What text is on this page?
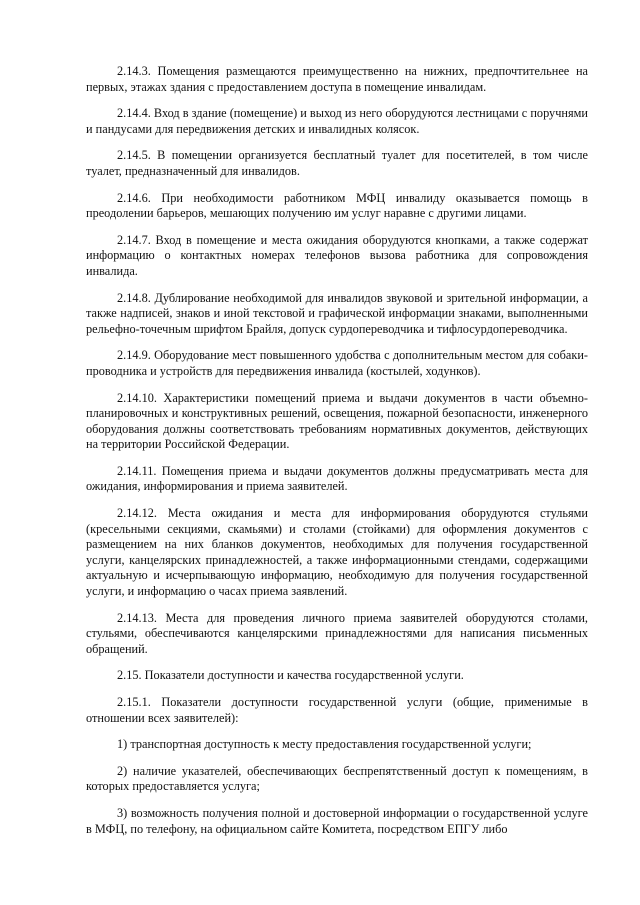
2.14.3. Помещения размещаются преимущественно на нижних, предпочтительнее на первых, этажах здания с предоставлением доступа в помещение инвалидам.

2.14.4. Вход в здание (помещение) и выход из него оборудуются лестницами с поручнями и пандусами для передвижения детских и инвалидных колясок.

2.14.5. В помещении организуется бесплатный туалет для посетителей, в том числе туалет, предназначенный для инвалидов.

2.14.6. При необходимости работником МФЦ инвалиду оказывается помощь в преодолении барьеров, мешающих получению им услуг наравне с другими лицами.

2.14.7. Вход в помещение и места ожидания оборудуются кнопками, а также содержат информацию о контактных номерах телефонов вызова работника для сопровождения инвалида.

2.14.8. Дублирование необходимой для инвалидов звуковой и зрительной информации, а также надписей, знаков и иной текстовой и графической информации знаками, выполненными рельефно-точечным шрифтом Брайля, допуск сурдопереводчика и тифлосурдопереводчика.

2.14.9. Оборудование мест повышенного удобства с дополнительным местом для собаки-проводника и устройств для передвижения инвалида (костылей, ходунков).

2.14.10. Характеристики помещений приема и выдачи документов в части объемно-планировочных и конструктивных решений, освещения, пожарной безопасности, инженерного оборудования должны соответствовать требованиям нормативных документов, действующих на территории Российской Федерации.

2.14.11. Помещения приема и выдачи документов должны предусматривать места для ожидания, информирования и приема заявителей.

2.14.12. Места ожидания и места для информирования оборудуются стульями (кресельными секциями, скамьями) и столами (стойками) для оформления документов с размещением на них бланков документов, необходимых для получения государственной услуги, канцелярских принадлежностей, а также информационными стендами, содержащими актуальную и исчерпывающую информацию, необходимую для получения государственной услуги, и информацию о часах приема заявлений.

2.14.13. Места для проведения личного приема заявителей оборудуются столами, стульями, обеспечиваются канцелярскими принадлежностями для написания письменных обращений.

2.15. Показатели доступности и качества государственной услуги.

2.15.1. Показатели доступности государственной услуги (общие, применимые в отношении всех заявителей):

1) транспортная доступность к месту предоставления государственной услуги;

2) наличие указателей, обеспечивающих беспрепятственный доступ к помещениям, в которых предоставляется услуга;

3) возможность получения полной и достоверной информации о государственной услуге в МФЦ, по телефону, на официальном сайте Комитета, посредством ЕПГУ либо
